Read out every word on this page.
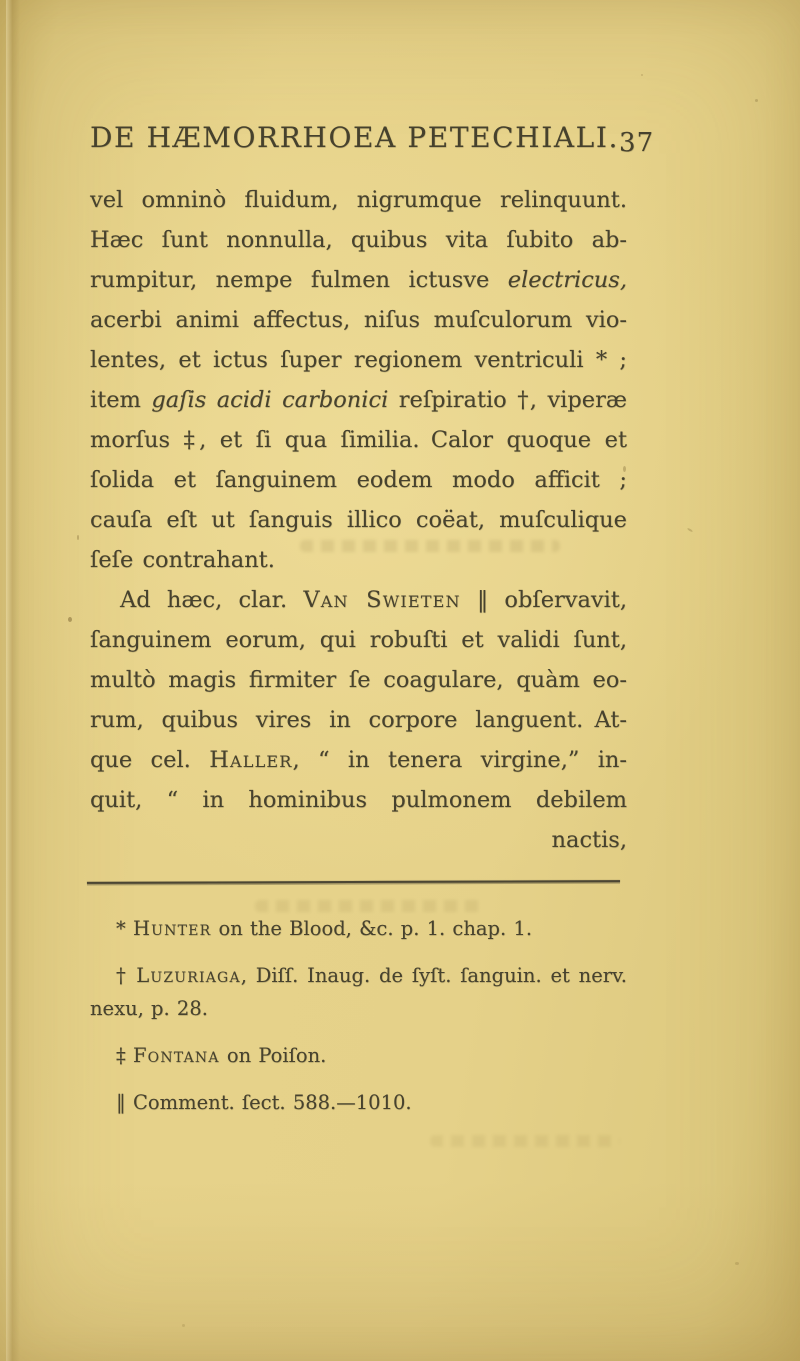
DE HÆMORRHOEA PETECHIALI. 37
vel omninò fluidum, nigrumque relinquunt.
Hæc ſunt nonnulla, quibus vita ſubito ab-
rumpitur, nempe fulmen ictusve electricus,
acerbi animi affectus, niſus muſculorum vio-
lentes, et ictus ſuper regionem ventriculi * ;
item gaſis acidi carbonici reſpiratio †, viperæ
morſus ‡, et ſi qua ſimilia. Calor quoque et
ſolida et ſanguinem eodem modo afficit ;
cauſa eſt ut ſanguis illico coëat, muſculique
ſeſe contrahant.
Ad hæc, clar. Van Swieten ‖ obſervavit,
ſanguinem eorum, qui robuſti et validi ſunt,
multò magis firmiter ſe coagulare, quàm eo-
rum, quibus vires in corpore languent. At-
que cel. Haller, “ in tenera virgine,” in-
quit, “ in hominibus pulmonem debilem
nactis,
* Hunter on the Blood, &c. p. 1. chap. 1.
† Luzuriaga, Diſſ. Inaug. de ſyſt. ſanguin. et nerv.
nexu, p. 28.
‡ Fontana on Poiſon.
‖ Comment. ſect. 588.—1010.
